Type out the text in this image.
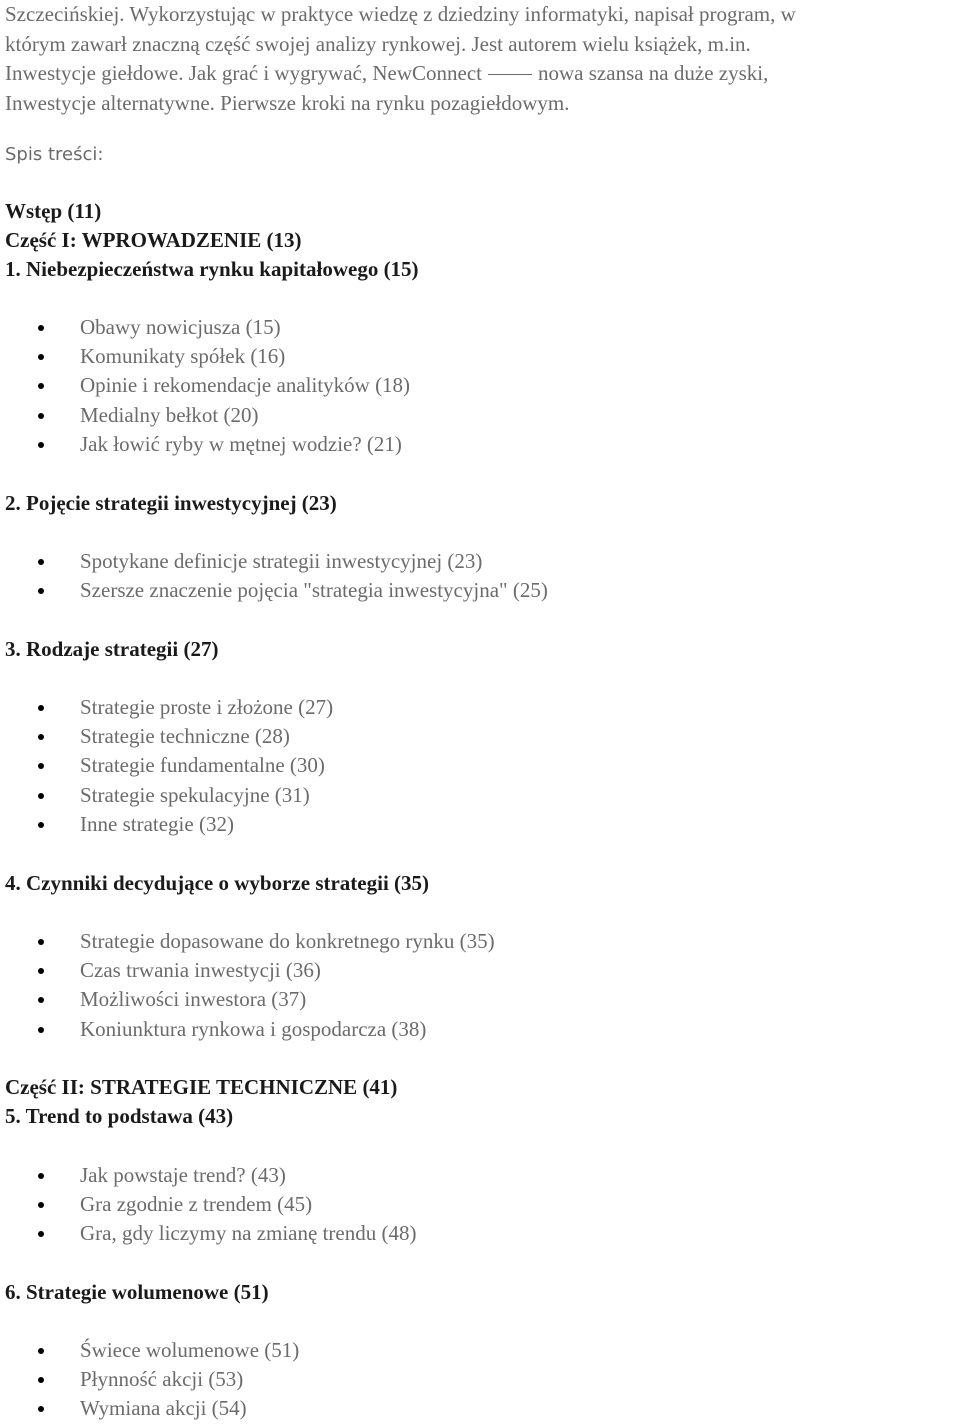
Szczecińskiej. Wykorzystując w praktyce wiedzę z dziedziny informatyki, napisał program, w
którym zawarł znaczną część swojej analizy rynkowej. Jest autorem wielu książek, m.in.
Inwestycje giełdowe. Jak grać i wygrywać, NewConnect	nowa szansa na duże zyski,
Inwestycje alternatywne. Pierwsze kroki na rynku pozagiełdowym.
Spis treści:
Wstęp (11)
Część I: WPROWADZENIE (13)
1. Niebezpieczeństwa rynku kapitałowego (15)
Obawy nowicjusza (15)
Komunikaty spółek (16)
Opinie i rekomendacje analityków (18)
Medialny bełkot (20)
Jak łowić ryby w mętnej wodzie? (21)
2. Pojęcie strategii inwestycyjnej (23)
Spotykane definicje strategii inwestycyjnej (23)
Szersze znaczenie pojęcia "strategia inwestycyjna" (25)
3. Rodzaje strategii (27)
Strategie proste i złożone (27)
Strategie techniczne (28)
Strategie fundamentalne (30)
Strategie spekulacyjne (31)
Inne strategie (32)
4. Czynniki decydujące o wyborze strategii (35)
Strategie dopasowane do konkretnego rynku (35)
Czas trwania inwestycji (36)
Możliwości inwestora (37)
Koniunktura rynkowa i gospodarcza (38)
Część II: STRATEGIE TECHNICZNE (41)
5. Trend to podstawa (43)
Jak powstaje trend? (43)
Gra zgodnie z trendem (45)
Gra, gdy liczymy na zmianę trendu (48)
6. Strategie wolumenowe (51)
Świece wolumenowe (51)
Płynność akcji (53)
Wymiana akcji (54)
